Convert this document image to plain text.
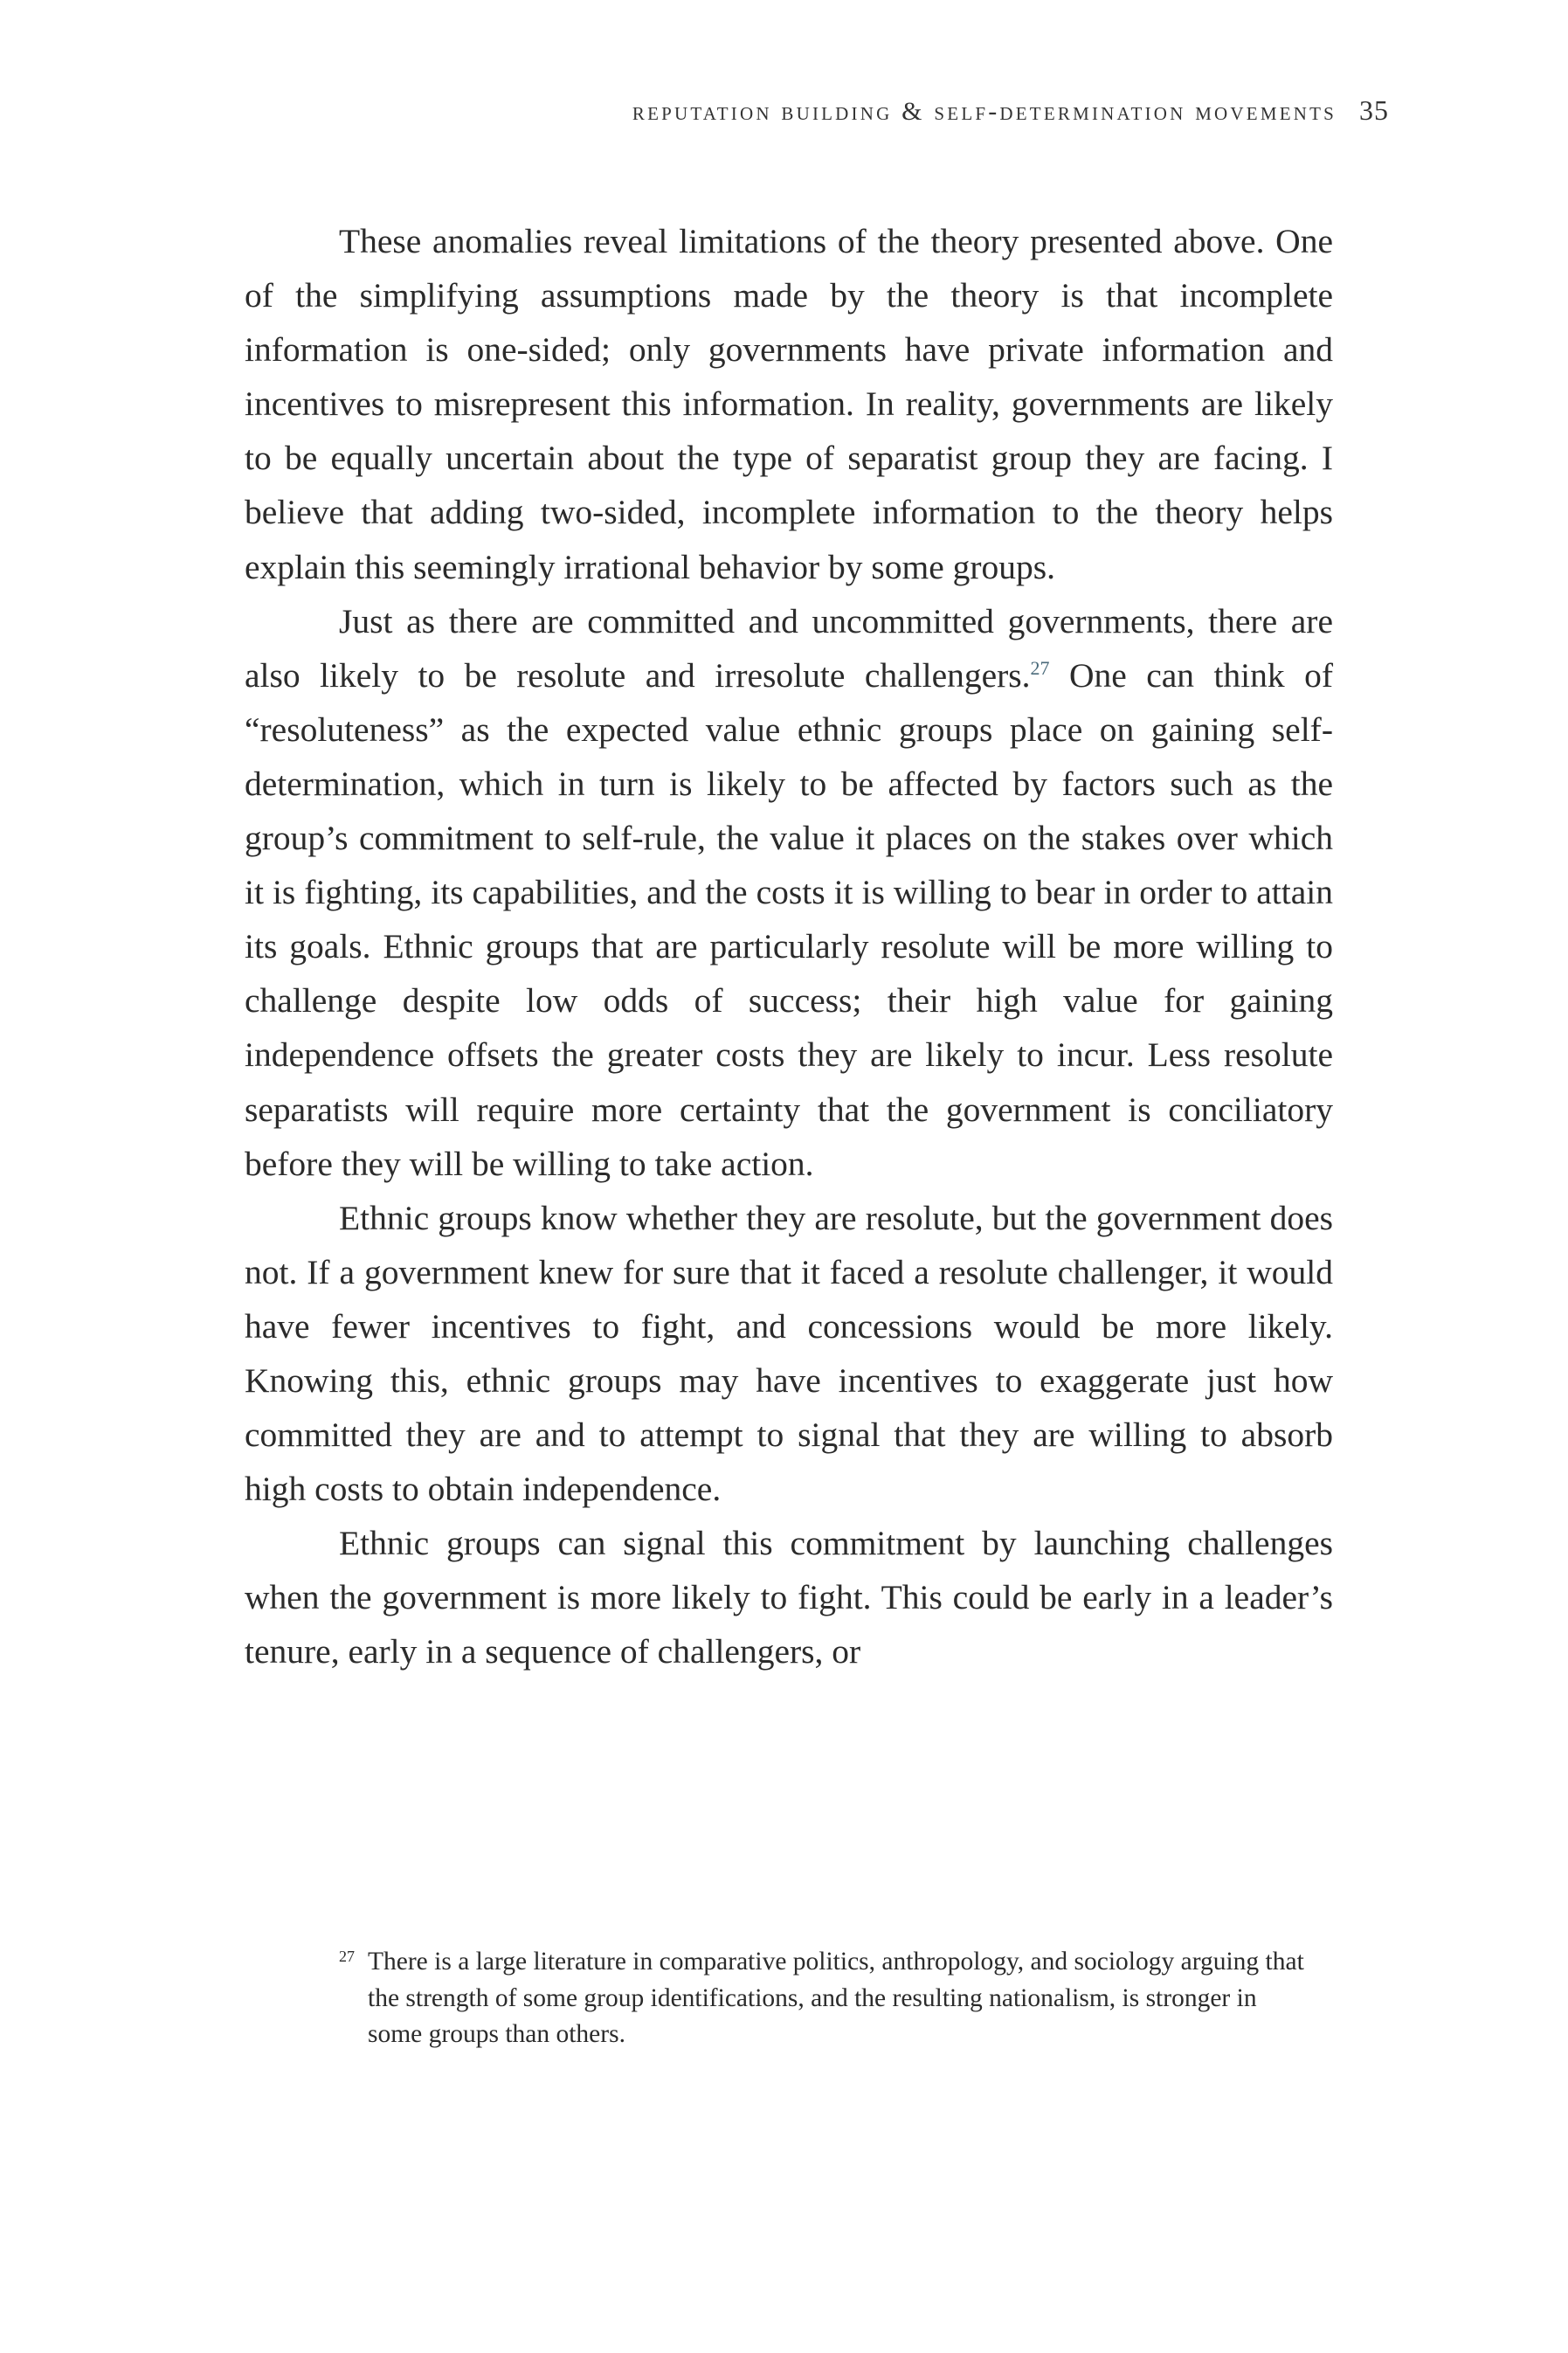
reputation building & self-determination movements 35

These anomalies reveal limitations of the theory presented above. One of the simplifying assumptions made by the theory is that incomplete information is one-sided; only governments have private information and incentives to misrepresent this information. In reality, governments are likely to be equally uncertain about the type of separatist group they are facing. I believe that adding two-sided, incomplete information to the theory helps explain this seemingly irrational behavior by some groups.

Just as there are committed and uncommitted governments, there are also likely to be resolute and irresolute challengers.$^{27}$ One can think of “resoluteness” as the expected value ethnic groups place on gaining self-determination, which in turn is likely to be affected by factors such as the group’s commitment to self-rule, the value it places on the stakes over which it is fighting, its capabilities, and the costs it is willing to bear in order to attain its goals. Ethnic groups that are particularly resolute will be more willing to challenge despite low odds of success; their high value for gaining independence offsets the greater costs they are likely to incur. Less resolute separatists will require more certainty that the government is conciliatory before they will be willing to take action.

Ethnic groups know whether they are resolute, but the government does not. If a government knew for sure that it faced a resolute challenger, it would have fewer incentives to fight, and concessions would be more likely. Knowing this, ethnic groups may have incentives to exaggerate just how committed they are and to attempt to signal that they are willing to absorb high costs to obtain independence.

Ethnic groups can signal this commitment by launching challenges when the government is more likely to fight. This could be early in a leader’s tenure, early in a sequence of challengers, or

27 There is a large literature in comparative politics, anthropology, and sociology arguing that the strength of some group identifications, and the resulting nationalism, is stronger in some groups than others.
